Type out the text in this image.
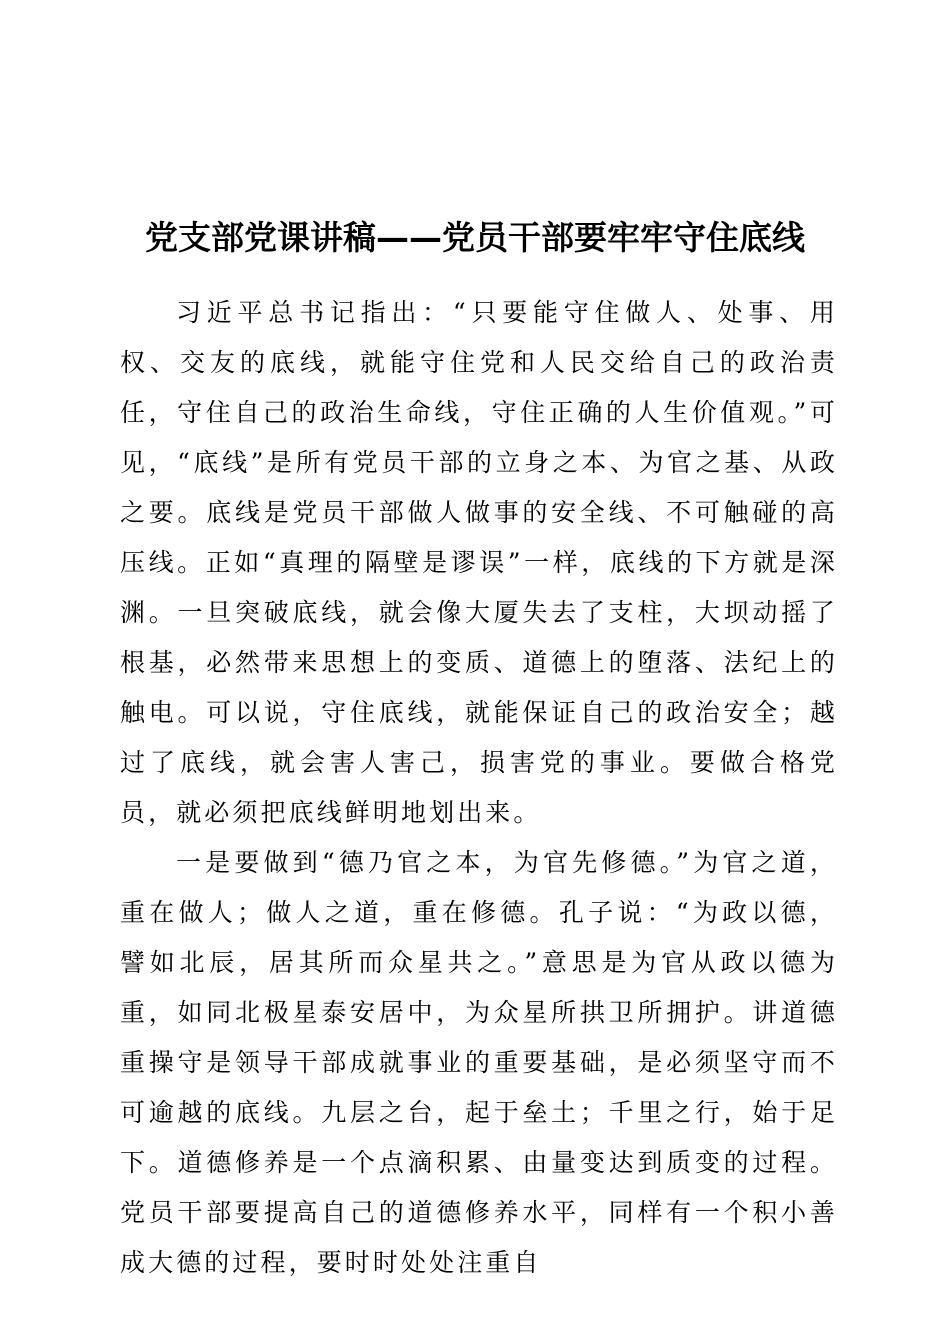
党支部党课讲稿——党员干部要牢牢守住底线

习近平总书记指出：“只要能守住做人、处事、用权、交友的底线，就能守住党和人民交给自己的政治责任，守住自己的政治生命线，守住正确的人生价值观。”可见，“底线”是所有党员干部的立身之本、为官之基、从政之要。底线是党员干部做人做事的安全线、不可触碰的高压线。正如“真理的隔壁是谬误”一样，底线的下方就是深渊。一旦突破底线，就会像大厦失去了支柱，大坝动摇了根基，必然带来思想上的变质、道德上的堕落、法纪上的触电。可以说，守住底线，就能保证自己的政治安全；越过了底线，就会害人害己，损害党的事业。要做合格党员，就必须把底线鲜明地划出来。

一是要做到“德乃官之本，为官先修德。”为官之道，重在做人；做人之道，重在修德。孔子说：“为政以德，譬如北辰，居其所而众星共之。”意思是为官从政以德为重，如同北极星泰安居中，为众星所拱卫所拥护。讲道德重操守是领导干部成就事业的重要基础，是必须坚守而不可逾越的底线。九层之台，起于垒土；千里之行，始于足下。道德修养是一个点滴积累、由量变达到质变的过程。党员干部要提高自己的道德修养水平，同样有一个积小善成大德的过程，要时时处处注重自
